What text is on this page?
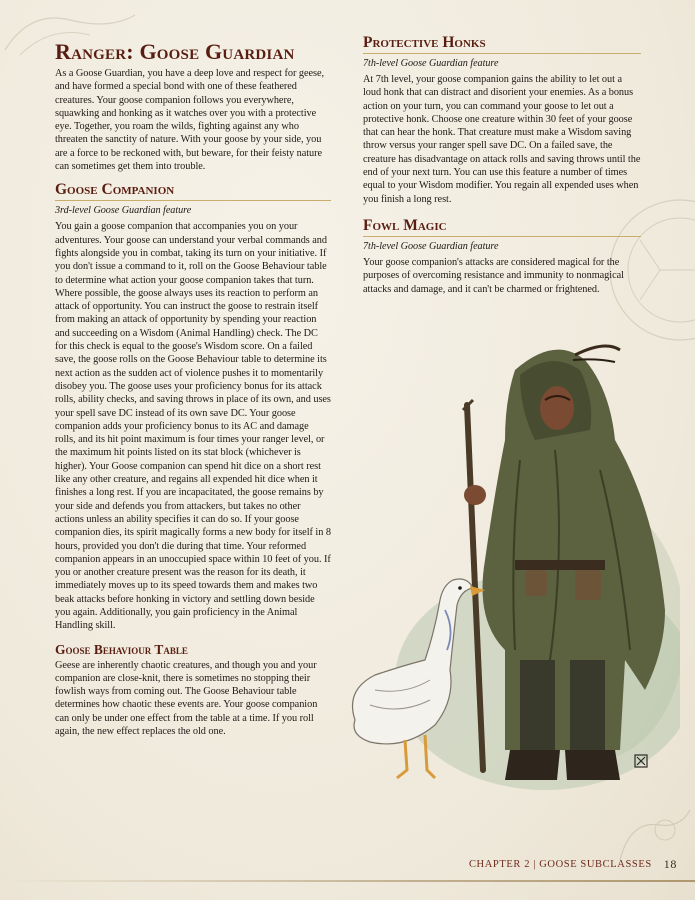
Ranger: Goose Guardian

As a Goose Guardian, you have a deep love and respect for geese, and have formed a special bond with one of these feathered creatures. Your goose companion follows you everywhere, squawking and honking as it watches over you with a protective eye. Together, you roam the wilds, fighting against any who threaten the sanctity of nature. With your goose by your side, you are a force to be reckoned with, but beware, for their feisty nature can sometimes get them into trouble.

Goose Companion

3rd-level Goose Guardian feature

You gain a goose companion that accompanies you on your adventures. Your goose can understand your verbal commands and fights alongside you in combat, taking its turn on your initiative. If you don't issue a command to it, roll on the Goose Behaviour table to determine what action your goose companion takes that turn. Where possible, the goose always uses its reaction to perform an attack of opportunity. You can instruct the goose to restrain itself from making an attack of opportunity by spending your reaction and succeeding on a Wisdom (Animal Handling) check. The DC for this check is equal to the goose's Wisdom score. On a failed save, the goose rolls on the Goose Behaviour table to determine its next action as the sudden act of violence pushes it to momentarily disobey you. The goose uses your proficiency bonus for its attack rolls, ability checks, and saving throws in place of its own, and uses your spell save DC instead of its own save DC. Your goose companion adds your proficiency bonus to its AC and damage rolls, and its hit point maximum is four times your ranger level, or the maximum hit points listed on its stat block (whichever is higher). Your Goose companion can spend hit dice on a short rest like any other creature, and regains all expended hit dice when it finishes a long rest. If you are incapacitated, the goose remains by your side and defends you from attackers, but takes no other actions unless an ability specifies it can do so. If your goose companion dies, its spirit magically forms a new body for itself in 8 hours, provided you don't die during that time. Your reformed companion appears in an unoccupied space within 10 feet of you. If you or another creature present was the reason for its death, it immediately moves up to its speed towards them and makes two beak attacks before honking in victory and settling down beside you again. Additionally, you gain proficiency in the Animal Handling skill.

Goose Behaviour Table

Geese are inherently chaotic creatures, and though you and your companion are close-knit, there is sometimes no stopping their fowlish ways from coming out. The Goose Behaviour table determines how chaotic these events are. Your goose companion can only be under one effect from the table at a time. If you roll again, the new effect replaces the old one.

Protective Honks

7th-level Goose Guardian feature

At 7th level, your goose companion gains the ability to let out a loud honk that can distract and disorient your enemies. As a bonus action on your turn, you can command your goose to let out a protective honk. Choose one creature within 30 feet of your goose that can hear the honk. That creature must make a Wisdom saving throw versus your ranger spell save DC. On a failed save, the creature has disadvantage on attack rolls and saving throws until the end of your next turn. You can use this feature a number of times equal to your Wisdom modifier. You regain all expended uses when you finish a long rest.

Fowl Magic

7th-level Goose Guardian feature

Your goose companion's attacks are considered magical for the purposes of overcoming resistance and immunity to nonmagical attacks and damage, and it can't be charmed or frightened.

CHAPTER 2 | GOOSE SUBCLASSES 18
